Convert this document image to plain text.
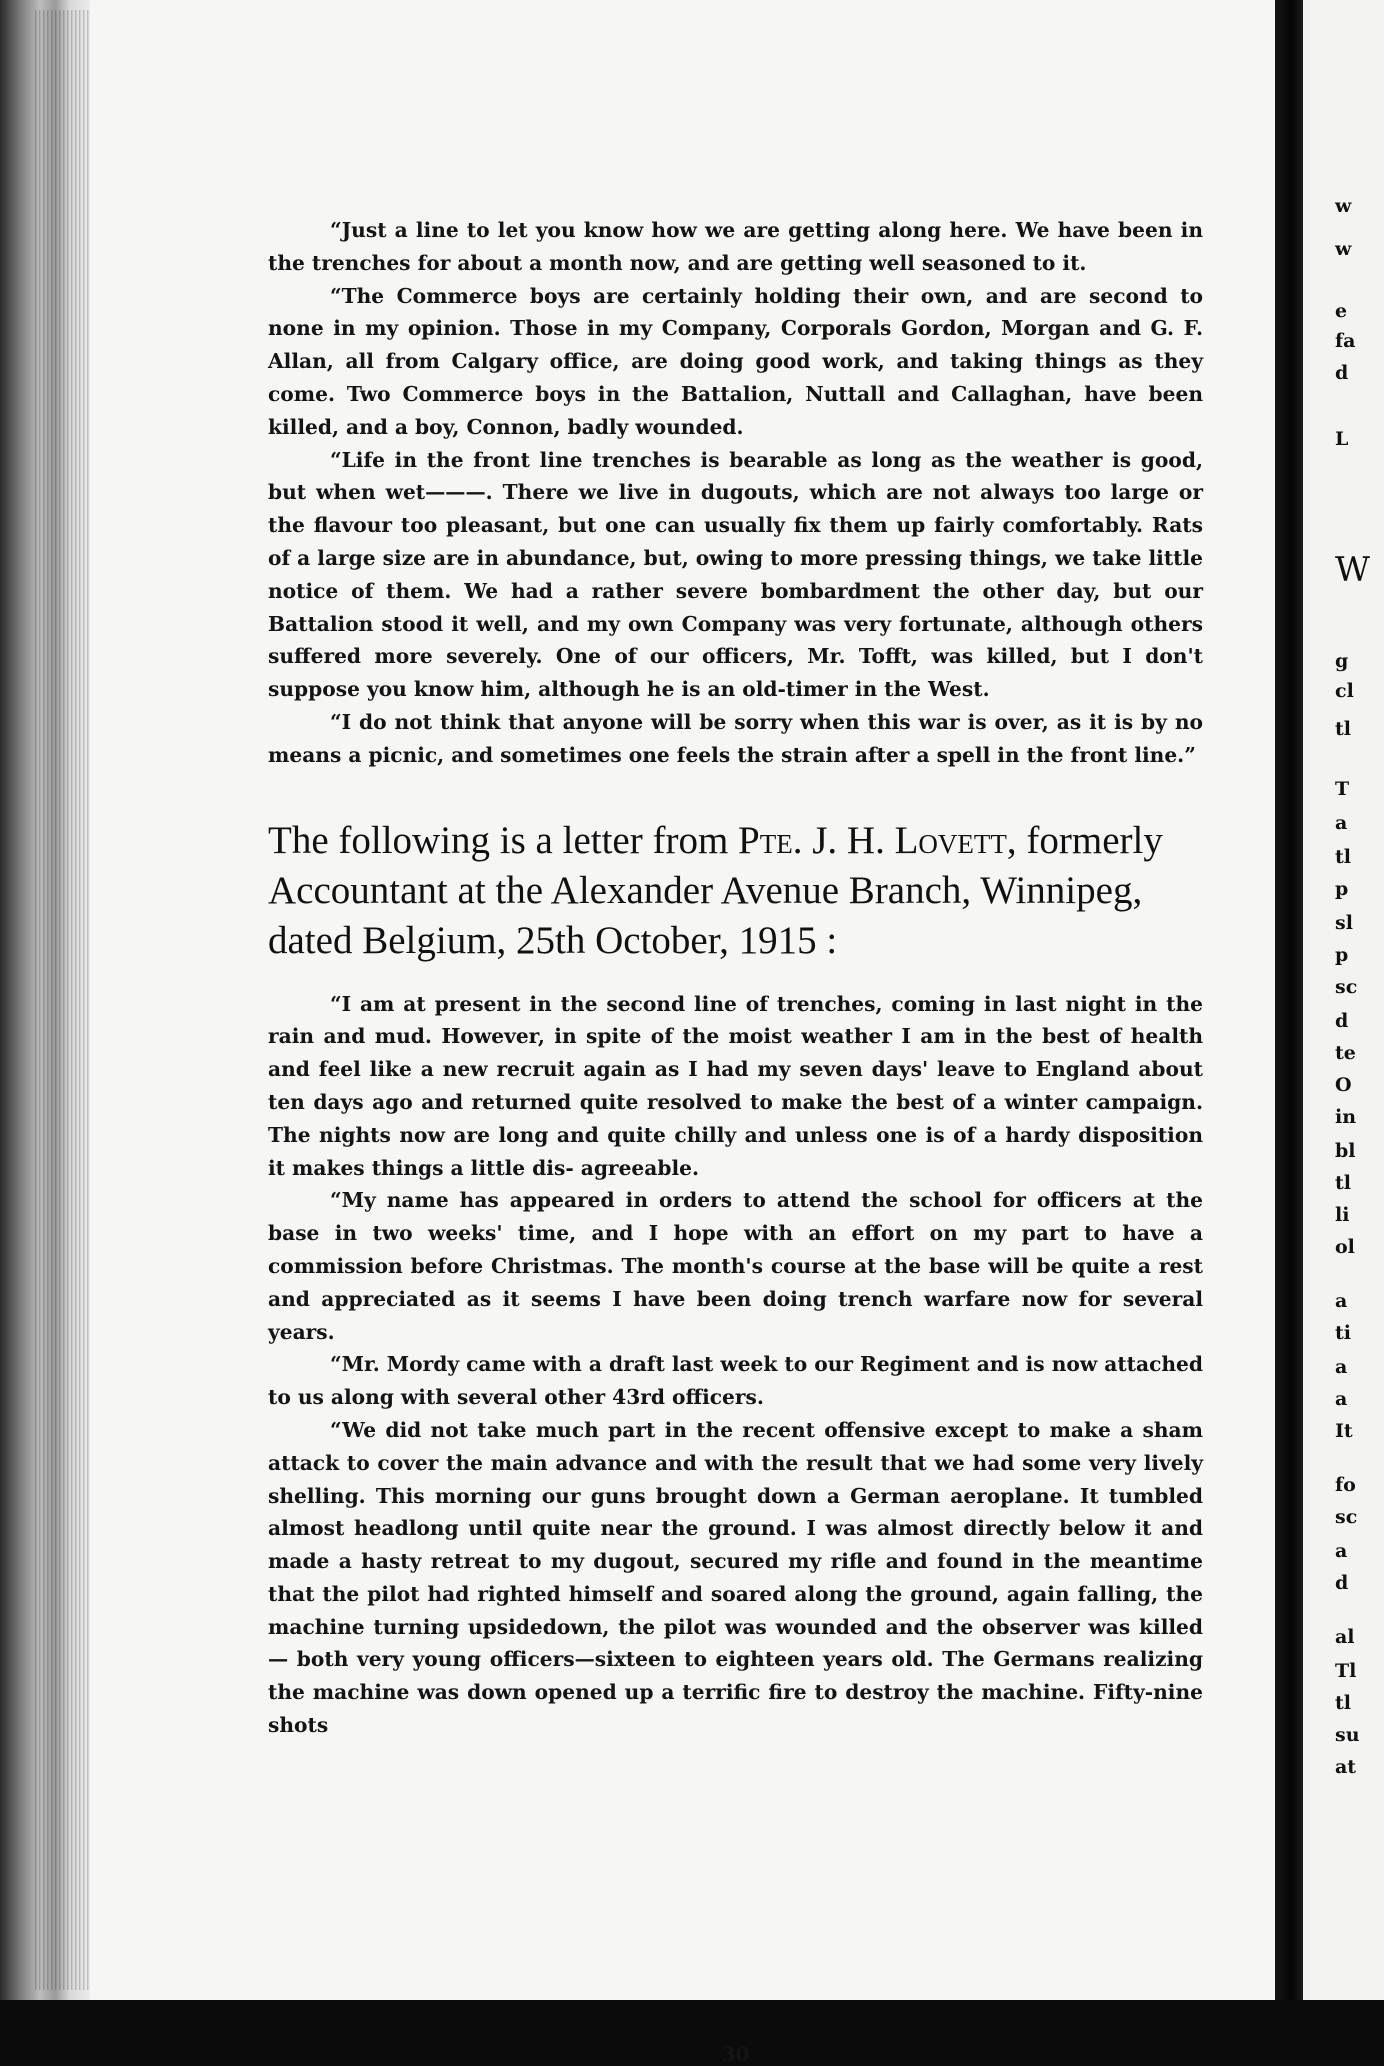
“Just a line to let you know how we are getting along here. We have been in the trenches for about a month now, and are getting well seasoned to it.

“The Commerce boys are certainly holding their own, and are second to none in my opinion. Those in my Company, Corporals Gordon, Morgan and G. F. Allan, all from Calgary office, are doing good work, and taking things as they come. Two Commerce boys in the Battalion, Nuttall and Callaghan, have been killed, and a boy, Connon, badly wounded.

“Life in the front line trenches is bearable as long as the weather is good, but when wet———. There we live in dugouts, which are not always too large or the flavour too pleasant, but one can usually fix them up fairly comfortably. Rats of a large size are in abundance, but, owing to more pressing things, we take little notice of them. We had a rather severe bombardment the other day, but our Battalion stood it well, and my own Company was very fortunate, although others suffered more severely. One of our officers, Mr. Tofft, was killed, but I don't suppose you know him, although he is an old-timer in the West.

“I do not think that anyone will be sorry when this war is over, as it is by no means a picnic, and sometimes one feels the strain after a spell in the front line.”

The following is a letter from Pte. J. H. Lovett, formerly Accountant at the Alexander Avenue Branch, Winnipeg, dated Belgium, 25th October, 1915 :

“I am at present in the second line of trenches, coming in last night in the rain and mud. However, in spite of the moist weather I am in the best of health and feel like a new recruit again as I had my seven days' leave to England about ten days ago and returned quite resolved to make the best of a winter campaign. The nights now are long and quite chilly and unless one is of a hardy disposition it makes things a little dis- agreeable.

“My name has appeared in orders to attend the school for officers at the base in two weeks' time, and I hope with an effort on my part to have a commission before Christmas. The month's course at the base will be quite a rest and appreciated as it seems I have been doing trench warfare now for several years.

“Mr. Mordy came with a draft last week to our Regiment and is now attached to us along with several other 43rd officers.

“We did not take much part in the recent offensive except to make a sham attack to cover the main advance and with the result that we had some very lively shelling. This morning our guns brought down a German aeroplane. It tumbled almost headlong until quite near the ground. I was almost directly below it and made a hasty retreat to my dugout, secured my rifle and found in the meantime that the pilot had righted himself and soared along the ground, again falling, the machine turning upsidedown, the pilot was wounded and the observer was killed — both very young officers—sixteen to eighteen years old. The Germans realizing the machine was down opened up a terrific fire to destroy the machine. Fifty-nine shots

30
w
w
e
fa
d
L
W
g
cl
tl
T
a
tl
p
sl
p
sc
d
te
O
in
bl
tl
li
ol
a
ti
a
a
It
fo
sc
a
d
al
Tl
tl
su
at
